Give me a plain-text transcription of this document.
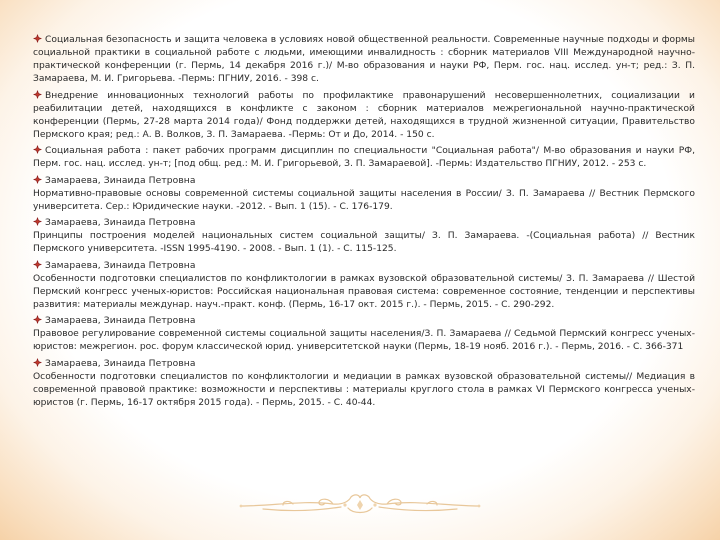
Социальная безопасность и защита человека в условиях новой общественной реальности. Современные научные подходы и формы социальной практики в социальной работе с людьми, имеющими инвалидность : сборник материалов VIII Международной научно-практической конференции (г. Пермь, 14 декабря 2016 г.)/ М-во образования и науки РФ, Перм. гос. нац. исслед. ун-т; ред.: З. П. Замараева, М. И. Григорьева. -Пермь: ПГНИУ, 2016. - 398 с.

Внедрение инновационных технологий работы по профилактике правонарушений несовершеннолетних, социализации и реабилитации детей, находящихся в конфликте с законом : сборник материалов межрегиональной научно-практической конференции (Пермь, 27-28 марта 2014 года)/ Фонд поддержки детей, находящихся в трудной жизненной ситуации, Правительство Пермского края; ред.: А. В. Волков, З. П. Замараева. -Пермь: От и До, 2014. - 150 с.

Социальная работа : пакет рабочих программ дисциплин по специальности "Социальная работа"/ М-во образования и науки РФ, Перм. гос. нац. исслед. ун-т; [под общ. ред.: М. И. Григорьевой, З. П. Замараевой]. -Пермь: Издательство ПГНИУ, 2012. - 253 с.

Замараева, Зинаида Петровна

Нормативно-правовые основы современной системы социальной защиты населения в России/ З. П. Замараева // Вестник Пермского университета. Сер.: Юридические науки. -2012. - Вып. 1 (15). - С. 176-179.

Замараева, Зинаида Петровна

Принципы построения моделей национальных систем социальной защиты/ З. П. Замараева. -(Социальная работа) // Вестник Пермского университета. -ISSN 1995-4190. - 2008. - Вып. 1 (1). - С. 115-125.

Замараева, Зинаида Петровна

Особенности подготовки специалистов по конфликтологии в рамках вузовской образовательной системы/ З. П. Замараева // Шестой Пермский конгресс ученых-юристов: Российская национальная правовая система: современное состояние, тенденции и перспективы развития: материалы междунар. науч.-практ. конф. (Пермь, 16-17 окт. 2015 г.). - Пермь, 2015. - С. 290-292.

Замараева, Зинаида Петровна

Правовое регулирование современной системы социальной защиты населения/З. П. Замараева // Седьмой Пермский конгресс ученых-юристов: межрегион. рос. форум классической юрид. университетской науки (Пермь, 18-19 нояб. 2016 г.). - Пермь, 2016. - С. 366-371

Замараева, Зинаида Петровна

Особенности подготовки специалистов по конфликтологии и медиации в рамках вузовской образовательной системы// Медиация в современной правовой практике: возможности и перспективы : материалы круглого стола в рамках VI Пермского конгресса ученых-юристов (г. Пермь, 16-17 октября 2015 года). - Пермь, 2015. - С. 40-44.
